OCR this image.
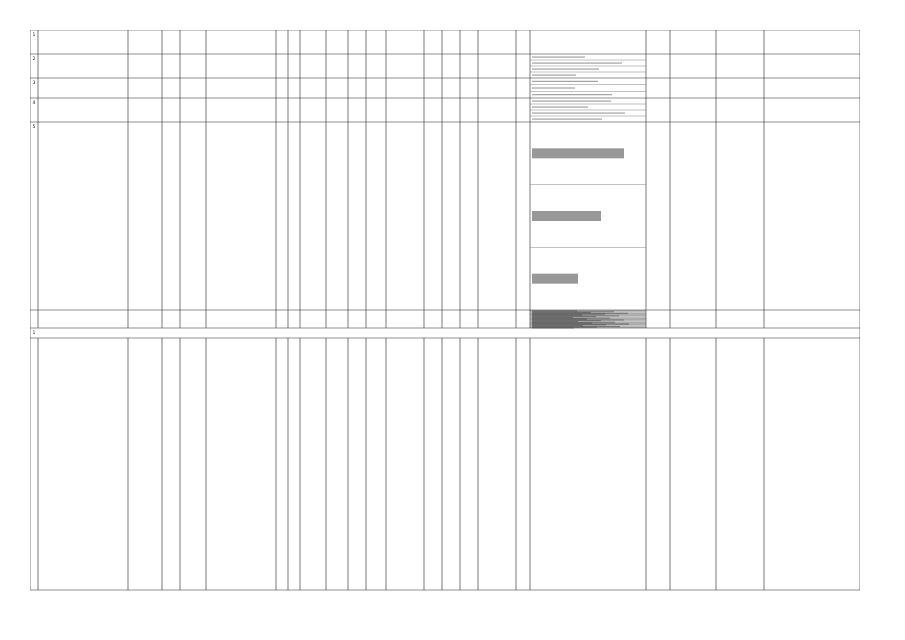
1
2
3
4
5
1
